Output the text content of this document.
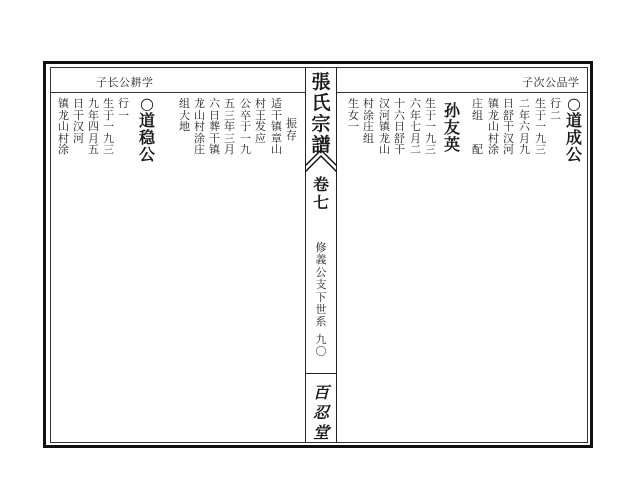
子长公耕学	子次公品学
張
氏
宗
譜
卷
七
修
義
公
支
下
世
系
九
〇
百
忍
堂
○
道
成
公
行
二
生
于
一
九
三
二
年
六
月
九
日
舒
干
汉
河
镇
龙
山
村
涂
庄
组
配
孙
友
英
生
于
一
九
三
六
年
七
月
二
十
六
日
舒
干
汉
河
镇
龙
山
村
涂
庄
组
生
女
一
振
存
适
干
镇
章
山
村
王
发
应
公
卒
于
一
九
五
三
年
三
月
六
日
葬
干
镇
龙
山
村
涂
庄
组
大
地
○
道
稳
公
行
一
生
于
一
九
三
九
年
四
月
五
日
干
汉
河
镇
龙
山
村
涂
